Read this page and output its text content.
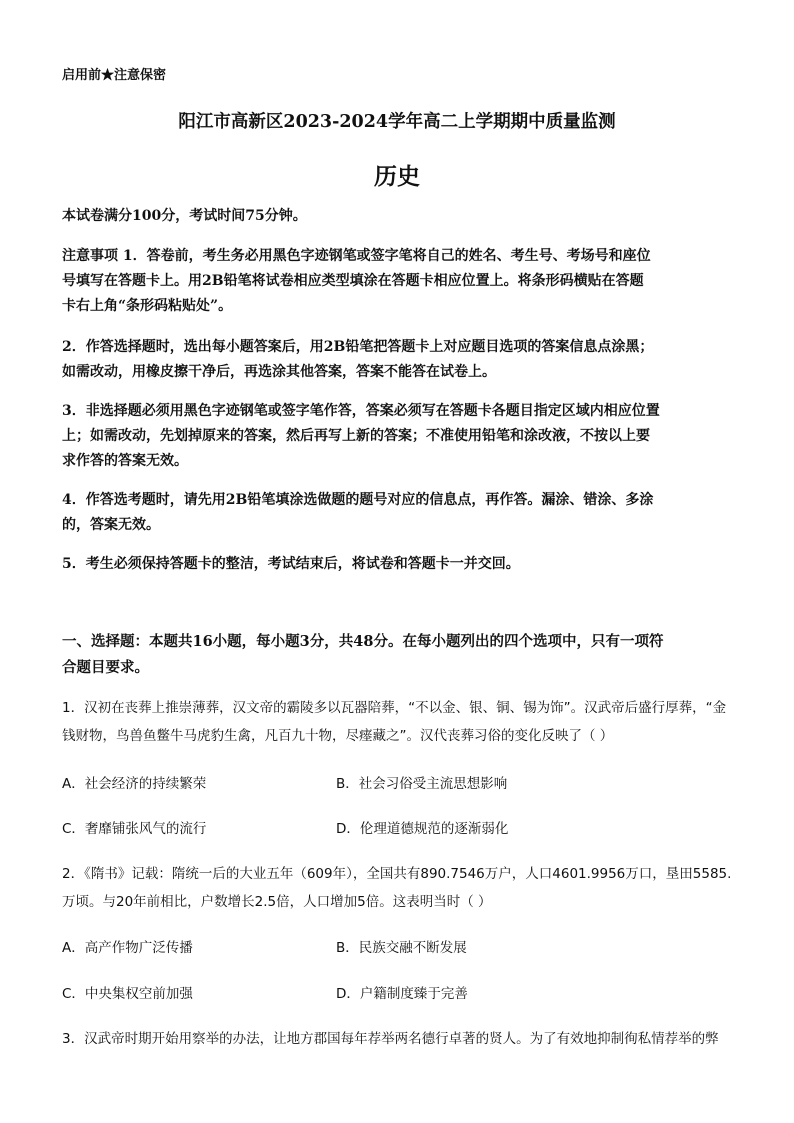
启用前★注意保密
阳江市高新区2023-2024学年高二上学期期中质量监测
历史
本试卷满分100分，考试时间75分钟。
注意事项 1．答卷前，考生务必用黑色字迹钢笔或签字笔将自己的姓名、考生号、考场号和座位
号填写在答题卡上。用2B铅笔将试卷相应类型填涂在答题卡相应位置上。将条形码横贴在答题
卡右上角“条形码粘贴处”。
2．作答选择题时，选出每小题答案后，用2B铅笔把答题卡上对应题目选项的答案信息点涂黑；
如需改动，用橡皮擦干净后，再选涂其他答案，答案不能答在试卷上。
3．非选择题必须用黑色字迹钢笔或签字笔作答，答案必须写在答题卡各题目指定区域内相应位置
上；如需改动，先划掉原来的答案，然后再写上新的答案；不准使用铅笔和涂改液，不按以上要
求作答的答案无效。
4．作答选考题时，请先用2B铅笔填涂选做题的题号对应的信息点，再作答。漏涂、错涂、多涂
的，答案无效。
5．考生必须保持答题卡的整洁，考试结束后，将试卷和答题卡一并交回。
一、选择题：本题共16小题，每小题3分，共48分。在每小题列出的四个选项中，只有一项符
合题目要求。
1．汉初在丧葬上推崇薄葬，汉文帝的霸陵多以瓦器陪葬，“不以金、银、铜、锡为饰”。汉武帝后盛行厚葬，“金
钱财物，鸟兽鱼鳖牛马虎豹生禽，凡百九十物，尽瘗藏之”。汉代丧葬习俗的变化反映了（ ）
A．社会经济的持续繁荣	B．社会习俗受主流思想影响
C．奢靡铺张风气的流行	D．伦理道德规范的逐渐弱化
2．《隋书》记载：隋统一后的大业五年（609年），全国共有890.7546万户，人口4601.9956万口，垦田5585.
万顷。与20年前相比，户数增长2.5倍，人口增加5倍。这表明当时（ ）
A．高产作物广泛传播	B．民族交融不断发展
C．中央集权空前加强	D．户籍制度臻于完善
3．汉武帝时期开始用察举的办法，让地方郡国每年荐举两名德行卓著的贤人。为了有效地抑制徇私情荐举的弊
